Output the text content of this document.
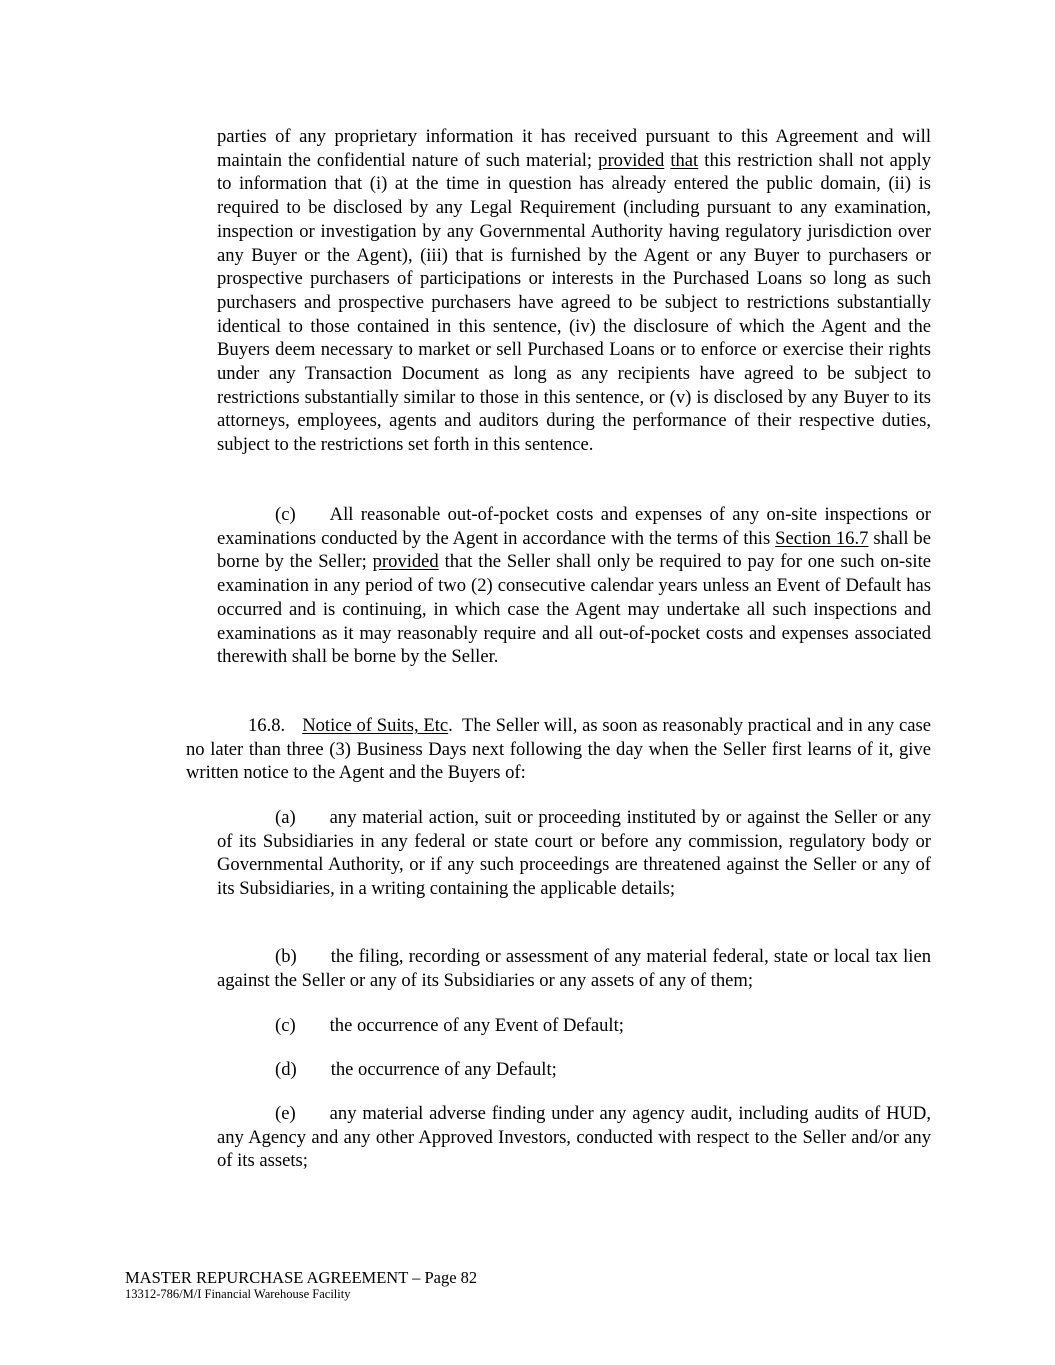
parties of any proprietary information it has received pursuant to this Agreement and will maintain the confidential nature of such material; provided that this restriction shall not apply to information that (i) at the time in question has already entered the public domain, (ii) is required to be disclosed by any Legal Requirement (including pursuant to any examination, inspection or investigation by any Governmental Authority having regulatory jurisdiction over any Buyer or the Agent), (iii) that is furnished by the Agent or any Buyer to purchasers or prospective purchasers of participations or interests in the Purchased Loans so long as such purchasers and prospective purchasers have agreed to be subject to restrictions substantially identical to those contained in this sentence, (iv) the disclosure of which the Agent and the Buyers deem necessary to market or sell Purchased Loans or to enforce or exercise their rights under any Transaction Document as long as any recipients have agreed to be subject to restrictions substantially similar to those in this sentence, or (v) is disclosed by any Buyer to its attorneys, employees, agents and auditors during the performance of their respective duties, subject to the restrictions set forth in this sentence.

(c) All reasonable out-of-pocket costs and expenses of any on-site inspections or examinations conducted by the Agent in accordance with the terms of this Section 16.7 shall be borne by the Seller; provided that the Seller shall only be required to pay for one such on-site examination in any period of two (2) consecutive calendar years unless an Event of Default has occurred and is continuing, in which case the Agent may undertake all such inspections and examinations as it may reasonably require and all out-of-pocket costs and expenses associated therewith shall be borne by the Seller.

16.8. Notice of Suits, Etc.  The Seller will, as soon as reasonably practical and in any case no later than three (3) Business Days next following the day when the Seller first learns of it, give written notice to the Agent and the Buyers of:

(a) any material action, suit or proceeding instituted by or against the Seller or any of its Subsidiaries in any federal or state court or before any commission, regulatory body or Governmental Authority, or if any such proceedings are threatened against the Seller or any of its Subsidiaries, in a writing containing the applicable details;

(b) the filing, recording or assessment of any material federal, state or local tax lien against the Seller or any of its Subsidiaries or any assets of any of them;

(c) the occurrence of any Event of Default;

(d) the occurrence of any Default;

(e) any material adverse finding under any agency audit, including audits of HUD, any Agency and any other Approved Investors, conducted with respect to the Seller and/or any of its assets;

MASTER REPURCHASE AGREEMENT – Page 82
13312-786/M/I Financial Warehouse Facility
